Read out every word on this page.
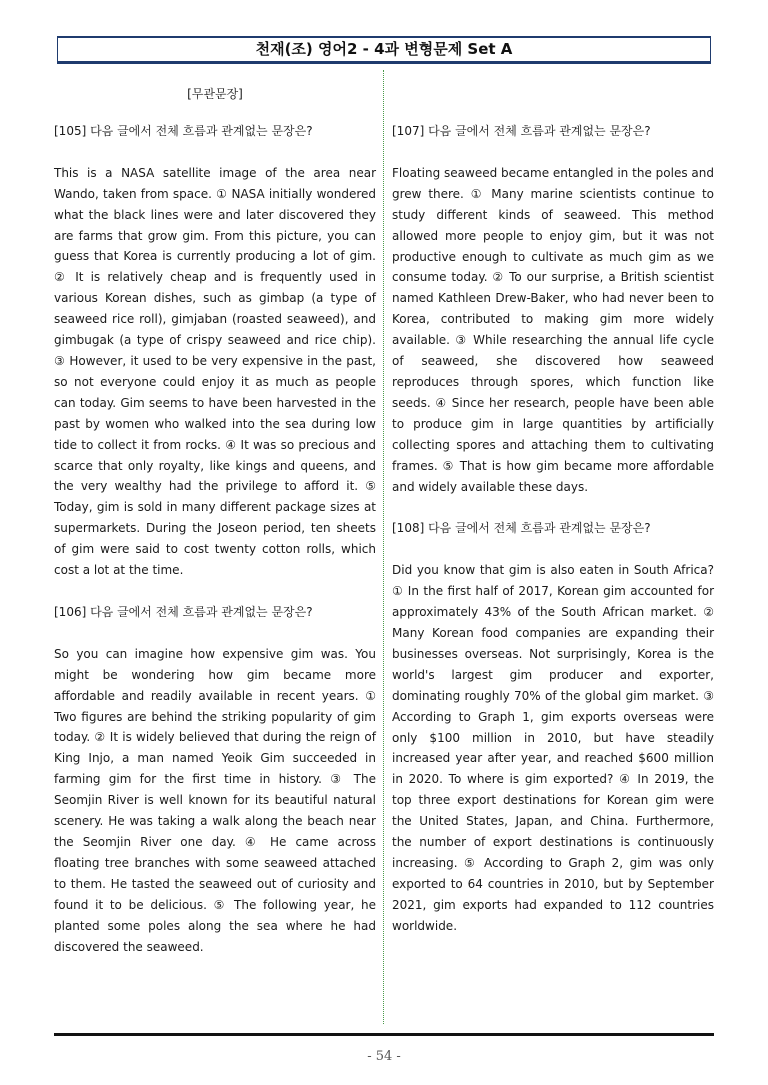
천재(조) 영어2 - 4과 변형문제 Set A
[무관문장]
[105] 다음 글에서 전체 흐름과 관계없는 문장은?
This is a NASA satellite image of the area near Wando, taken from space. ① NASA initially wondered what the black lines were and later discovered they are farms that grow gim. From this picture, you can guess that Korea is currently producing a lot of gim. ② It is relatively cheap and is frequently used in various Korean dishes, such as gimbap (a type of seaweed rice roll), gimjaban (roasted seaweed), and gimbugak (a type of crispy seaweed and rice chip). ③ However, it used to be very expensive in the past, so not everyone could enjoy it as much as people can today. Gim seems to have been harvested in the past by women who walked into the sea during low tide to collect it from rocks. ④ It was so precious and scarce that only royalty, like kings and queens, and the very wealthy had the privilege to afford it. ⑤ Today, gim is sold in many different package sizes at supermarkets. During the Joseon period, ten sheets of gim were said to cost twenty cotton rolls, which cost a lot at the time.
[106] 다음 글에서 전체 흐름과 관계없는 문장은?
So you can imagine how expensive gim was. You might be wondering how gim became more affordable and readily available in recent years. ① Two figures are behind the striking popularity of gim today. ② It is widely believed that during the reign of King Injo, a man named Yeoik Gim succeeded in farming gim for the first time in history. ③ The Seomjin River is well known for its beautiful natural scenery. He was taking a walk along the beach near the Seomjin River one day. ④ He came across floating tree branches with some seaweed attached to them. He tasted the seaweed out of curiosity and found it to be delicious. ⑤ The following year, he planted some poles along the sea where he had discovered the seaweed.
[107] 다음 글에서 전체 흐름과 관계없는 문장은?
Floating seaweed became entangled in the poles and grew there. ① Many marine scientists continue to study different kinds of seaweed. This method allowed more people to enjoy gim, but it was not productive enough to cultivate as much gim as we consume today. ② To our surprise, a British scientist named Kathleen Drew-Baker, who had never been to Korea, contributed to making gim more widely available. ③ While researching the annual life cycle of seaweed, she discovered how seaweed reproduces through spores, which function like seeds. ④ Since her research, people have been able to produce gim in large quantities by artificially collecting spores and attaching them to cultivating frames. ⑤ That is how gim became more affordable and widely available these days.
[108] 다음 글에서 전체 흐름과 관계없는 문장은?
Did you know that gim is also eaten in South Africa? ① In the first half of 2017, Korean gim accounted for approximately 43% of the South African market. ② Many Korean food companies are expanding their businesses overseas. Not surprisingly, Korea is the world's largest gim producer and exporter, dominating roughly 70% of the global gim market. ③ According to Graph 1, gim exports overseas were only $100 million in 2010, but have steadily increased year after year, and reached $600 million in 2020. To where is gim exported? ④ In 2019, the top three export destinations for Korean gim were the United States, Japan, and China. Furthermore, the number of export destinations is continuously increasing. ⑤ According to Graph 2, gim was only exported to 64 countries in 2010, but by September 2021, gim exports had expanded to 112 countries worldwide.
- 54 -
